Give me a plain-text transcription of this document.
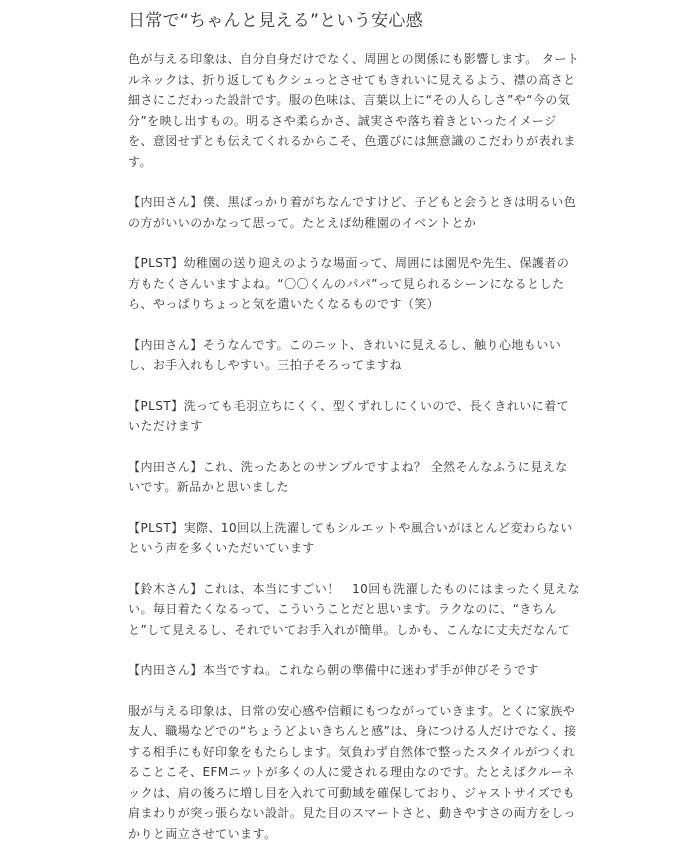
日常で“ちゃんと見える”という安心感

色が与える印象は、自分自身だけでなく、周囲との関係にも影響します。 タートルネックは、折り返してもクシュっとさせてもきれいに見えるよう、襟の高さと細さにこだわった設計です。服の色味は、言葉以上に“その人らしさ”や“今の気分”を映し出すもの。明るさや柔らかさ、誠実さや落ち着きといったイメージを、意図せずとも伝えてくれるからこそ、色選びには無意識のこだわりが表れます。

【内田さん】僕、黒ばっかり着がちなんですけど、子どもと会うときは明るい色の方がいいのかなって思って。たとえば幼稚園のイベントとか

【PLST】幼稚園の送り迎えのような場面って、周囲には園児や先生、保護者の方もたくさんいますよね。“〇〇くんのパパ”って見られるシーンになるとしたら、やっぱりちょっと気を遣いたくなるものです（笑）

【内田さん】そうなんです。このニット、きれいに見えるし、触り心地もいいし、お手入れもしやすい。三拍子そろってますね

【PLST】洗っても毛羽立ちにくく、型くずれしにくいので、長くきれいに着ていただけます

【内田さん】これ、洗ったあとのサンプルですよね？ 全然そんなふうに見えないです。新品かと思いました

【PLST】実際、10回以上洗濯してもシルエットや風合いがほとんど変わらないという声を多くいただいています

【鈴木さん】これは、本当にすごい！　10回も洗濯したものにはまったく見えない。毎日着たくなるって、こういうことだと思います。ラクなのに、“きちんと”して見えるし、それでいてお手入れが簡単。しかも、こんなに丈夫だなんて

【内田さん】本当ですね。これなら朝の準備中に迷わず手が伸びそうです

服が与える印象は、日常の安心感や信頼にもつながっていきます。とくに家族や友人、職場などでの“ちょうどよいきちんと感”は、身につける人だけでなく、接する相手にも好印象をもたらします。気負わず自然体で整ったスタイルがつくれることこそ、EFMニットが多くの人に愛される理由なのです。たとえばクルーネックは、肩の後ろに増し目を入れて可動域を確保しており、ジャストサイズでも肩まわりが突っ張らない設計。見た目のスマートさと、動きやすさの両方をしっかりと両立させています。
